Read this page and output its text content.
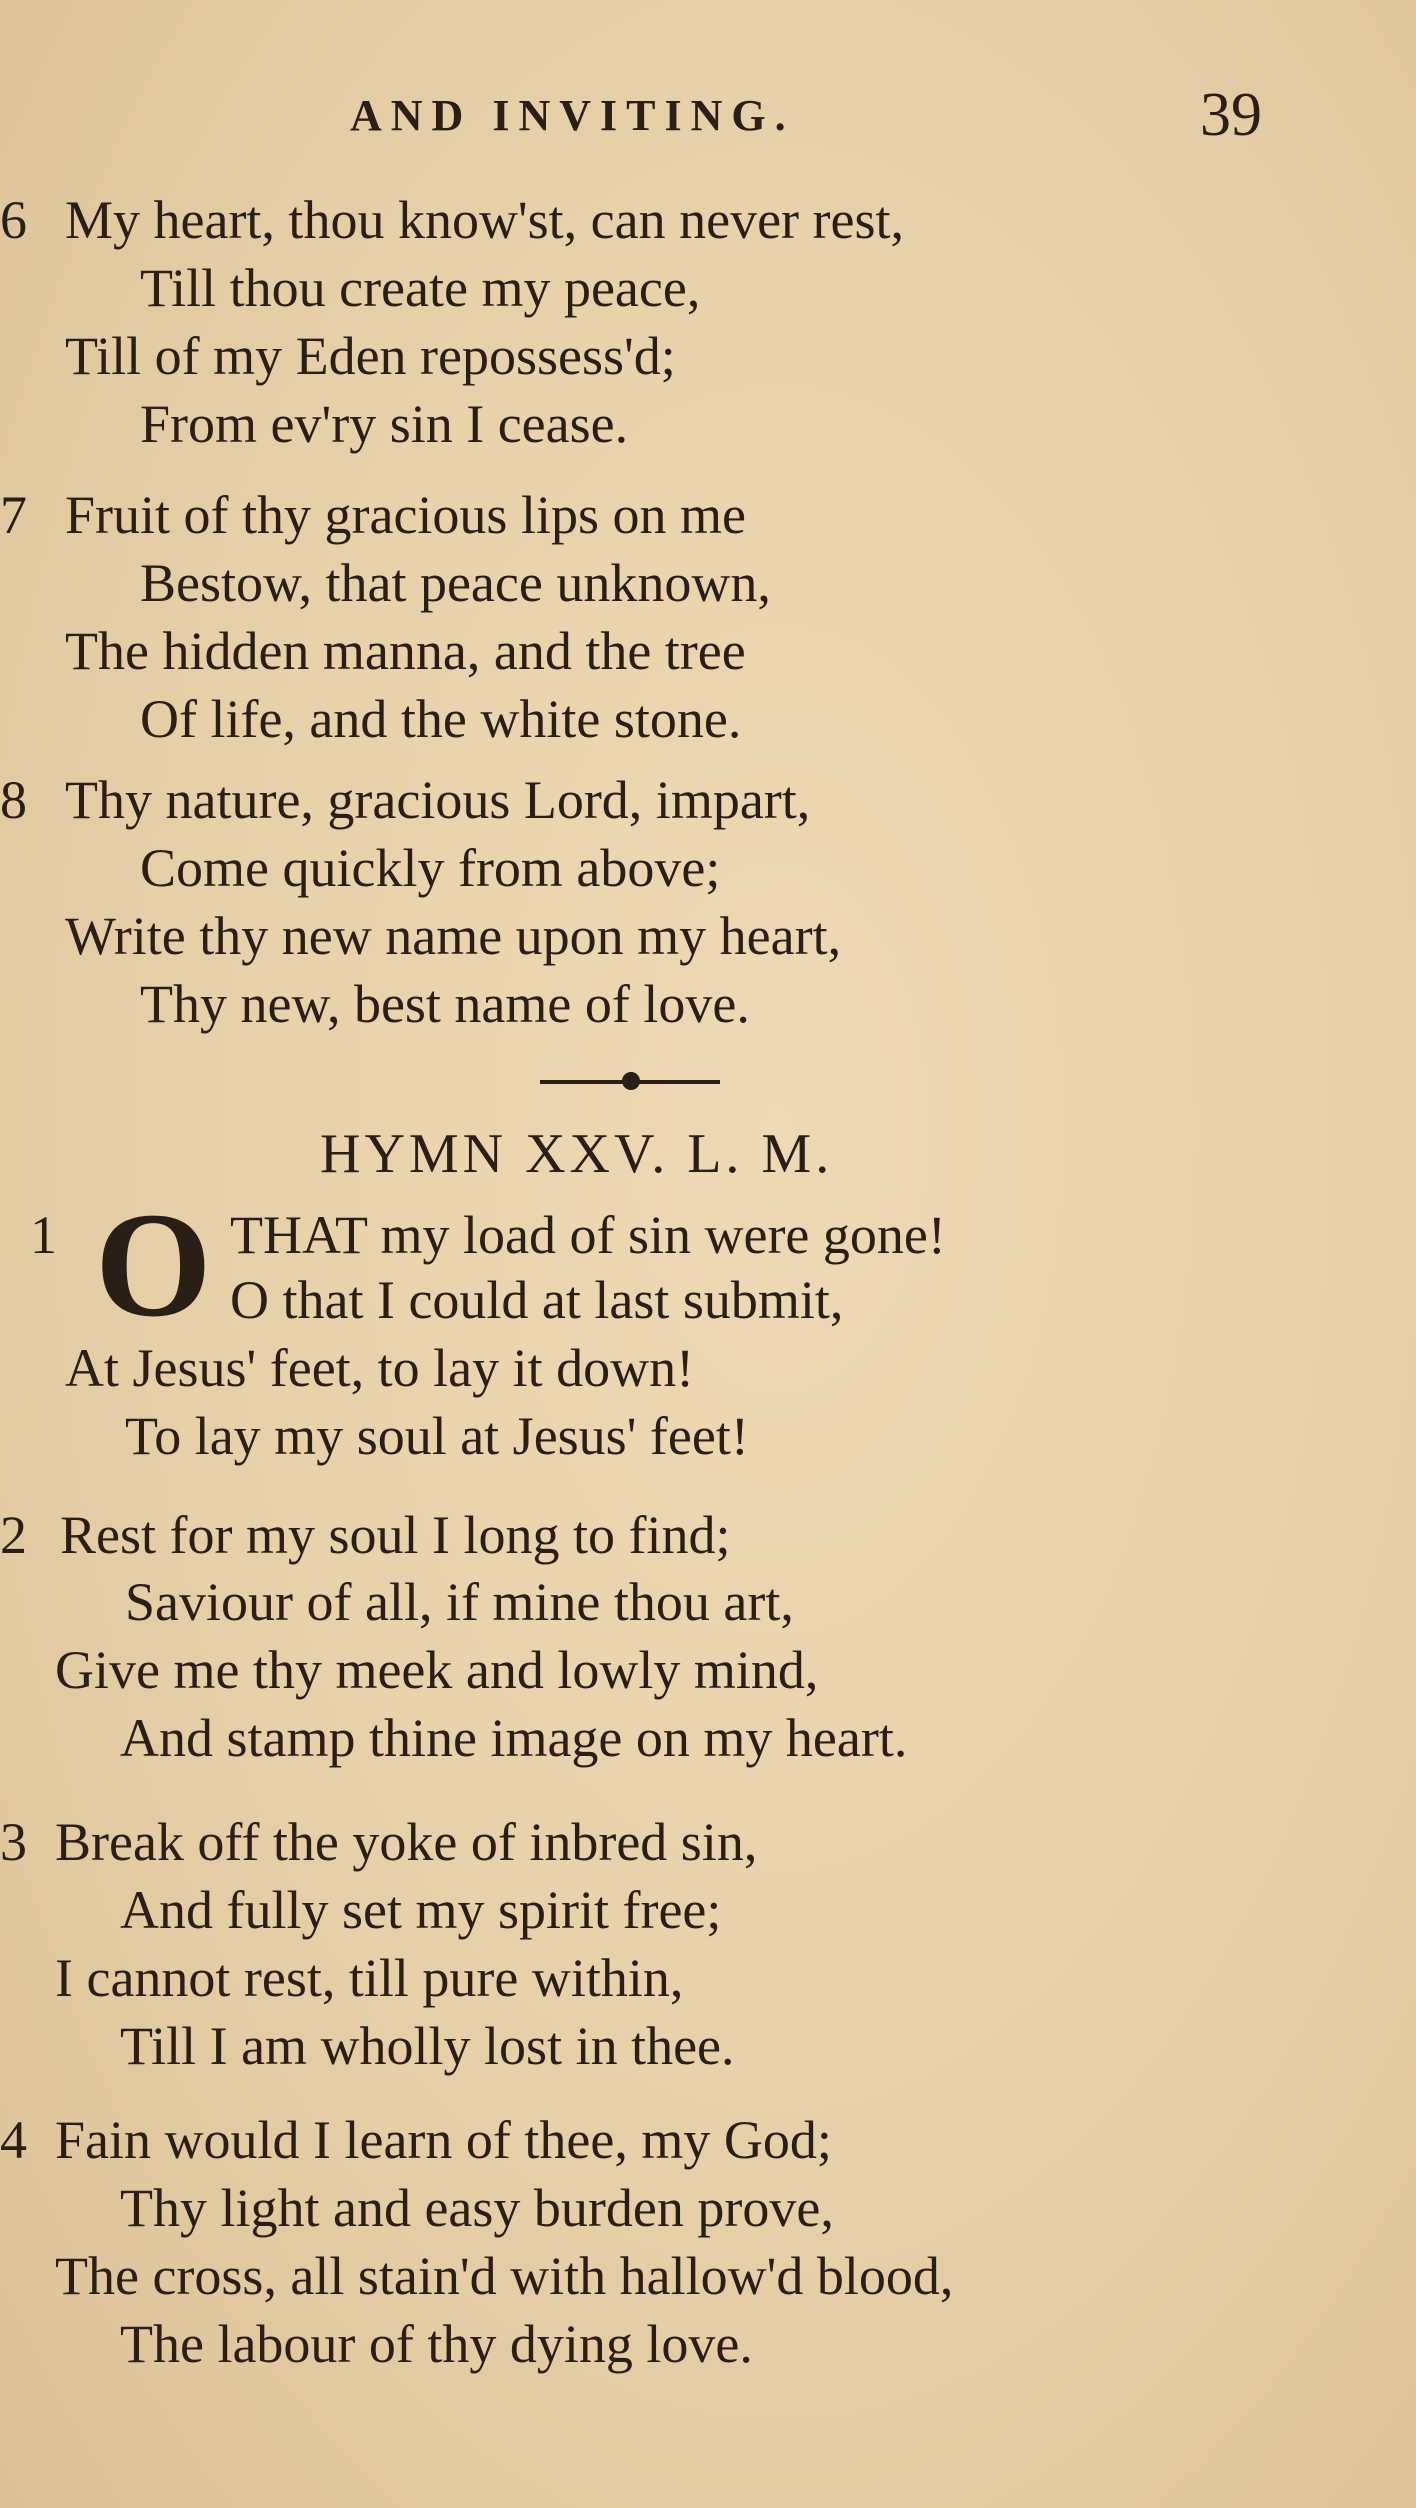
AND INVITING.	39
6 My heart, thou know'st, can never rest,
Till thou create my peace,
Till of my Eden repossess'd;
From ev'ry sin I cease.
7 Fruit of thy gracious lips on me
Bestow, that peace unknown,
The hidden manna, and the tree
Of life, and the white stone.
8 Thy nature, gracious Lord, impart,
Come quickly from above;
Write thy new name upon my heart,
Thy new, best name of love.
HYMN XXV. L. M.
1 O THAT my load of sin were gone!
O that I could at last submit,
At Jesus' feet, to lay it down!
To lay my soul at Jesus' feet!
2 Rest for my soul I long to find;
Saviour of all, if mine thou art,
Give me thy meek and lowly mind,
And stamp thine image on my heart.
3 Break off the yoke of inbred sin,
And fully set my spirit free;
I cannot rest, till pure within,
Till I am wholly lost in thee.
4 Fain would I learn of thee, my God;
Thy light and easy burden prove,
The cross, all stain'd with hallow'd blood,
The labour of thy dying love.
